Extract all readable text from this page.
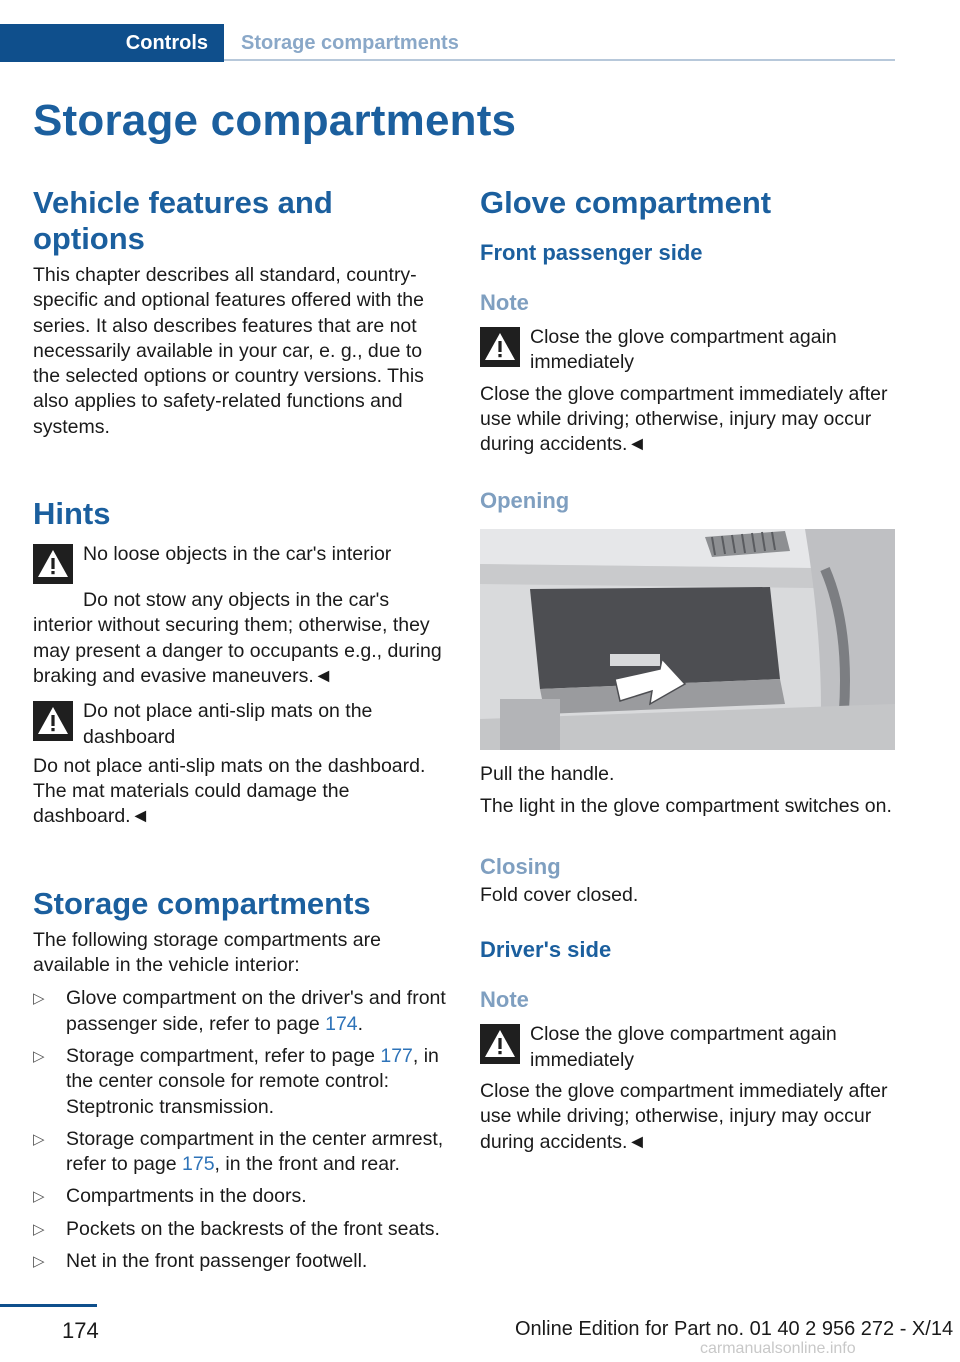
Controls Storage compartments
Storage compartments
Vehicle features and options

This chapter describes all standard, country-specific and optional features offered with the series. It also describes features that are not necessarily available in your car, e. g., due to the selected options or country versions. This also applies to safety-related functions and systems.

Hints
No loose objects in the car's interior

Do not stow any objects in the car's interior without securing them; otherwise, they may present a danger to occupants e.g., during braking and evasive maneuvers.◄

Do not place anti-slip mats on the dashboard

Do not place anti-slip mats on the dashboard. The mat materials could damage the dashboard.◄

Storage compartments

The following storage compartments are available in the vehicle interior:

▷ Glove compartment on the driver's and front passenger side, refer to page 174.
▷ Storage compartment, refer to page 177, in the center console for remote control: Steptronic transmission.
▷ Storage compartment in the center armrest, refer to page 175, in the front and rear.
▷ Compartments in the doors.
▷ Pockets on the backrests of the front seats.
▷ Net in the front passenger footwell.
Glove compartment
Front passenger side
Note
Close the glove compartment again immediately

Close the glove compartment immediately after use while driving; otherwise, injury may occur during accidents.◄

Opening

Pull the handle.

The light in the glove compartment switches on.

Closing

Fold cover closed.

Driver's side
Note
Close the glove compartment again immediately

Close the glove compartment immediately after use while driving; otherwise, injury may occur during accidents.◄

174	Online Edition for Part no. 01 40 2 956 272 - X/14
carmanualsonline.info
